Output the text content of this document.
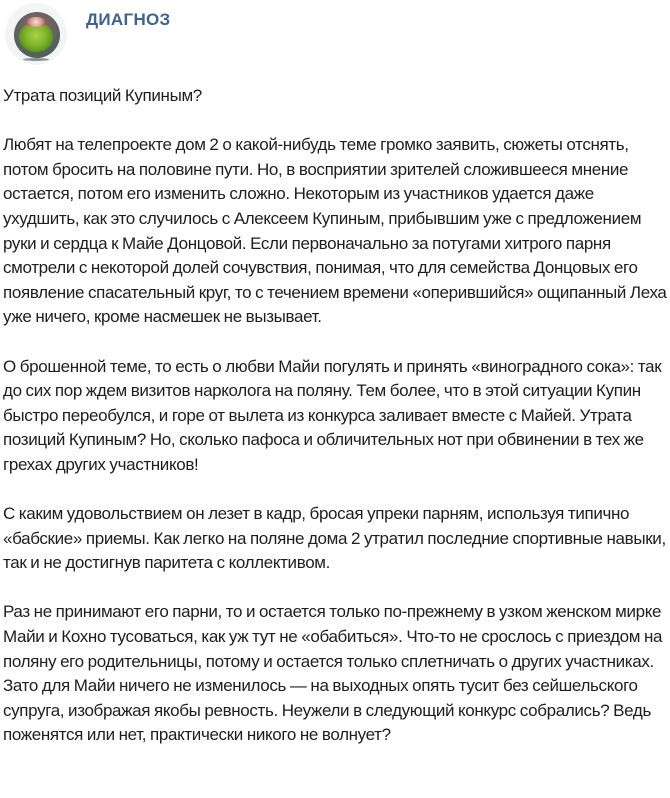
ДИАГНОЗ

Утрата позиций Купиным?

Любят на телепроекте дом 2 о какой-нибудь теме громко заявить, сюжеты отснять, потом бросить на половине пути. Но, в восприятии зрителей сложившееся мнение остается, потом его изменить сложно. Некоторым из участников удается даже ухудшить, как это случилось с Алексеем Купиным, прибывшим уже с предложением руки и сердца к Майе Донцовой. Если первоначально за потугами хитрого парня смотрели с некоторой долей сочувствия, понимая, что для семейства Донцовых его появление спасательный круг, то с течением времени «оперившийся» ощипанный Леха уже ничего, кроме насмешек не вызывает.

О брошенной теме, то есть о любви Майи погулять и принять «виноградного сока»: так до сих пор ждем визитов нарколога на поляну. Тем более, что в этой ситуации Купин быстро переобулся, и горе от вылета из конкурса заливает вместе с Майей. Утрата позиций Купиным? Но, сколько пафоса и обличительных нот при обвинении в тех же грехах других участников!

С каким удовольствием он лезет в кадр, бросая упреки парням, используя типично «бабские» приемы. Как легко на поляне дома 2 утратил последние спортивные навыки, так и не достигнув паритета с коллективом.

Раз не принимают его парни, то и остается только по-прежнему в узком женском мирке Майи и Кохно тусоваться, как уж тут не «обабиться». Что-то не срослось с приездом на поляну его родительницы, потому и остается только сплетничать о других участниках. Зато для Майи ничего не изменилось — на выходных опять тусит без сейшельского супруга, изображая якобы ревность. Неужели в следующий конкурс собрались? Ведь поженятся или нет, практически никого не волнует?
